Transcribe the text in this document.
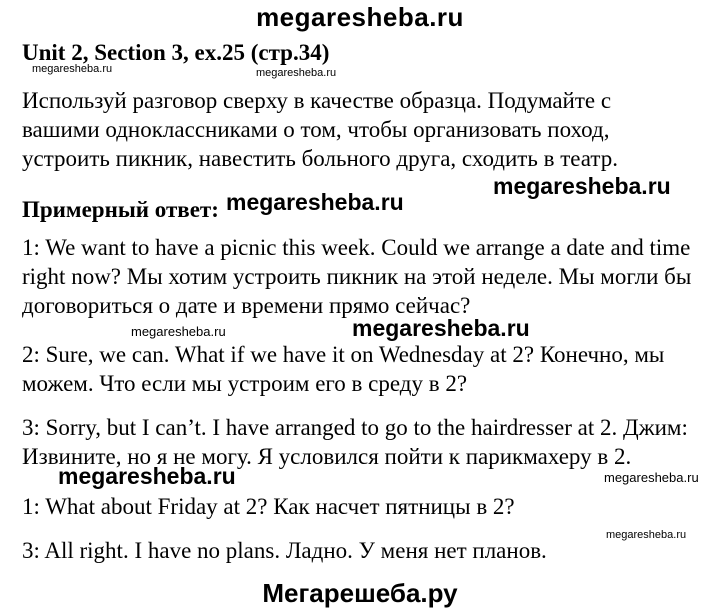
megaresheba.ru
Unit 2, Section 3, ex.25 (стр.34)
megaresheba.ru	megaresheba.ru
Используй разговор сверху в качестве образца. Подумайте с
вашими одноклассниками о том, чтобы организовать поход,
устроить пикник, навестить больного друга, сходить в театр.
megaresheba.ru
Примерный ответ: megaresheba.ru
1: We want to have a picnic this week. Could we arrange a date and time
right now? Мы хотим устроить пикник на этой неделе. Мы могли бы
договориться о дате и времени прямо сейчас?
megaresheba.ru	megaresheba.ru
2: Sure, we can. What if we have it on Wednesday at 2? Конечно, мы
можем. Что если мы устроим его в среду в 2?
3: Sorry, but I can’t. I have arranged to go to the hairdresser at 2. Джим:
Извините, но я не могу. Я условился пойти к парикмахеру в 2.
megaresheba.ru	megaresheba.ru
1: What about Friday at 2? Как насчет пятницы в 2?
megaresheba.ru
3: All right. I have no plans. Ладно. У меня нет планов.
Мегарешеба.ру
